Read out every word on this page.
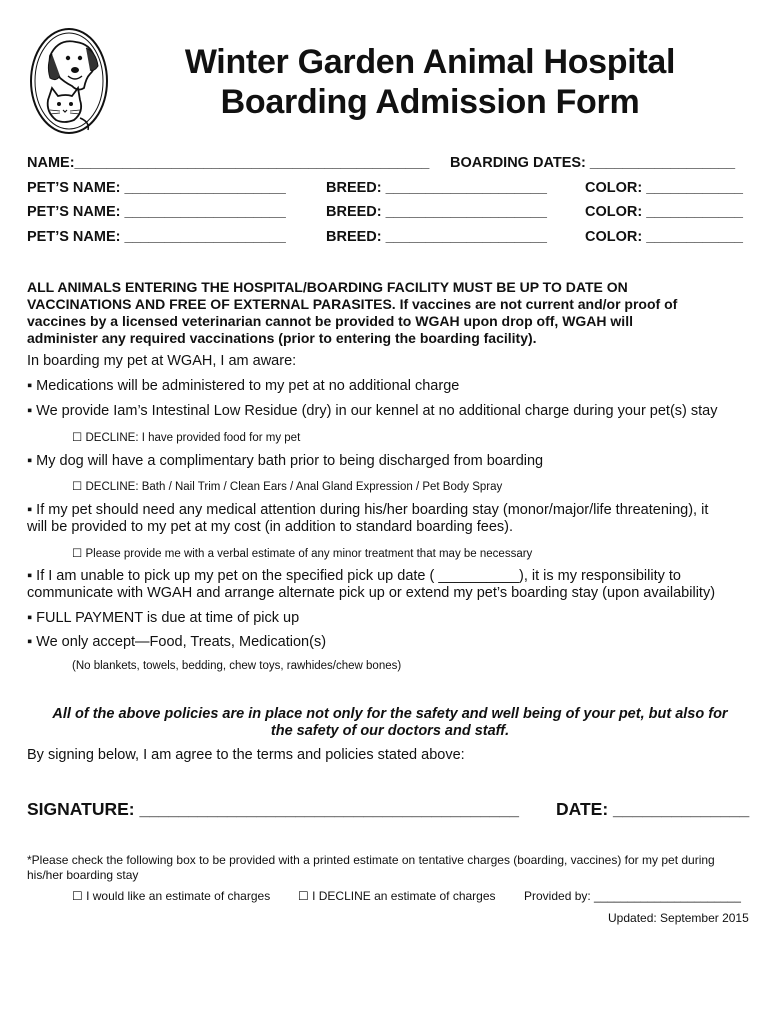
Winter Garden Animal Hospital
Boarding Admission Form
NAME:____________________________________________ BOARDING DATES: __________________
PET’S NAME: ____________________	BREED: ____________________	COLOR: ____________
PET’S NAME: ____________________	BREED: ____________________	COLOR: ____________
PET’S NAME: ____________________	BREED: ____________________	COLOR: ____________
ALL ANIMALS ENTERING THE HOSPITAL/BOARDING FACILITY MUST BE UP TO DATE ON
VACCINATIONS AND FREE OF EXTERNAL PARASITES. If vaccines are not current and/or proof of
vaccines by a licensed veterinarian cannot be provided to WGAH upon drop off, WGAH will
administer any required vaccinations (prior to entering the boarding facility).
In boarding my pet at WGAH, I am aware:
▪ Medications will be administered to my pet at no additional charge
▪ We provide Iam’s Intestinal Low Residue (dry) in our kennel at no additional charge during your pet(s) stay
☐ DECLINE: I have provided food for my pet
▪ My dog will have a complimentary bath prior to being discharged from boarding
☐ DECLINE: Bath / Nail Trim / Clean Ears / Anal Gland Expression / Pet Body Spray
▪ If my pet should need any medical attention during his/her boarding stay (monor/major/life threatening), it
will be provided to my pet at my cost (in addition to standard boarding fees).
☐ Please provide me with a verbal estimate of any minor treatment that may be necessary
▪ If I am unable to pick up my pet on the specified pick up date ( __________), it is my responsibility to
communicate with WGAH and arrange alternate pick up or extend my pet’s boarding stay (upon availability)
▪ FULL PAYMENT is due at time of pick up
▪ We only accept—Food, Treats, Medication(s)
(No blankets, towels, bedding, chew toys, rawhides/chew bones)
All of the above policies are in place not only for the safety and well being of your pet, but also for
the safety of our doctors and staff.
By signing below, I am agree to the terms and policies stated above:
SIGNATURE: _______________________________________ DATE: ______________
*Please check the following box to be provided with a printed estimate on tentative charges (boarding, vaccines) for my pet during
his/her boarding stay
☐ I would like an estimate of charges ☐ I DECLINE an estimate of charges Provided by: ______________________
Updated: September 2015
